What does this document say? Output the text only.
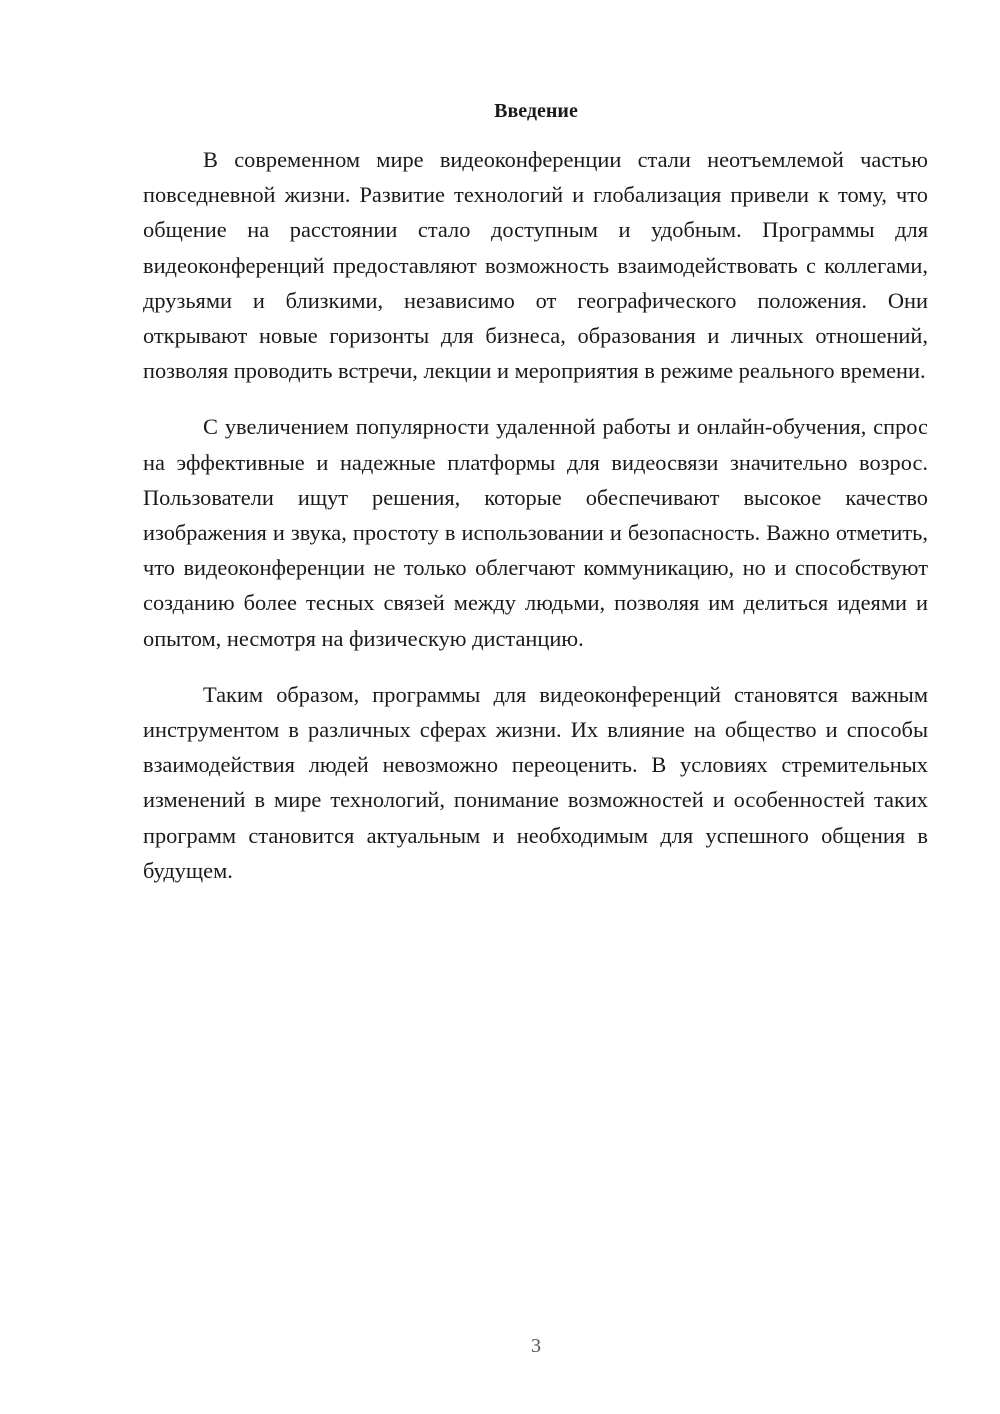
Введение

В современном мире видеоконференции стали неотъемлемой частью повседневной жизни. Развитие технологий и глобализация привели к тому, что общение на расстоянии стало доступным и удобным. Программы для видеоконференций предоставляют возможность взаимодействовать с коллегами, друзьями и близкими, независимо от географического положения. Они открывают новые горизонты для бизнеса, образования и личных отношений, позволяя проводить встречи, лекции и мероприятия в режиме реального времени.

С увеличением популярности удаленной работы и онлайн-обучения, спрос на эффективные и надежные платформы для видеосвязи значительно возрос. Пользователи ищут решения, которые обеспечивают высокое качество изображения и звука, простоту в использовании и безопасность. Важно отметить, что видеоконференции не только облегчают коммуникацию, но и способствуют созданию более тесных связей между людьми, позволяя им делиться идеями и опытом, несмотря на физическую дистанцию.

Таким образом, программы для видеоконференций становятся важным инструментом в различных сферах жизни. Их влияние на общество и способы взаимодействия людей невозможно переоценить. В условиях стремительных изменений в мире технологий, понимание возможностей и особенностей таких программ становится актуальным и необходимым для успешного общения в будущем.

3
